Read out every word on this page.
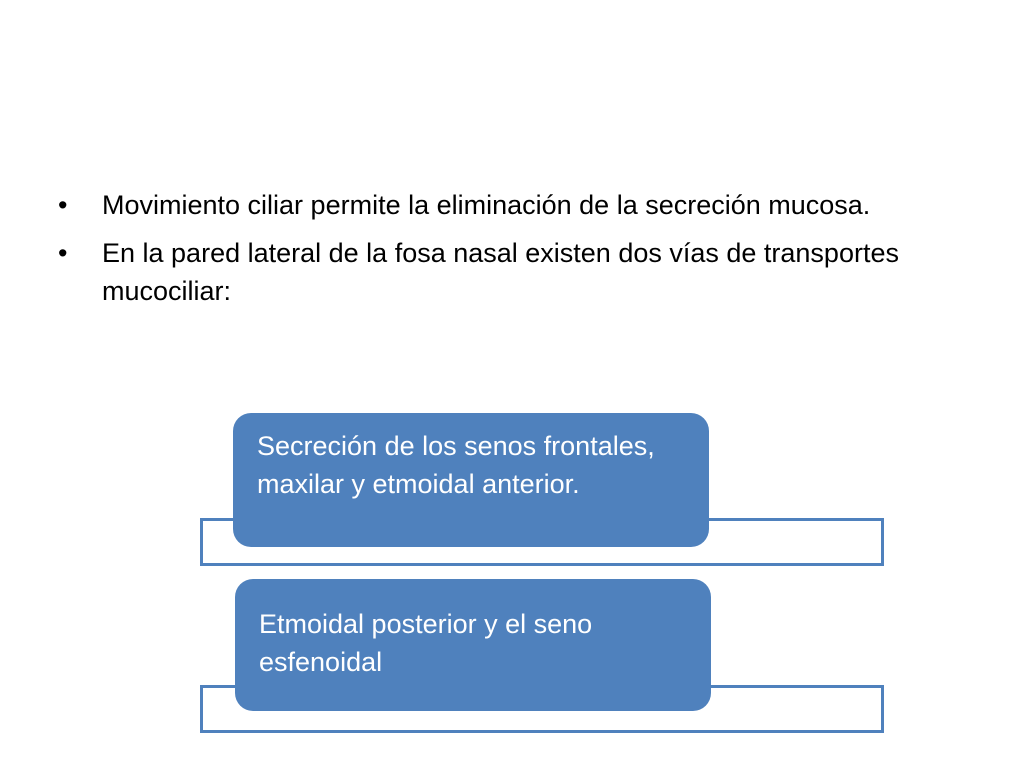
•	Movimiento ciliar permite la eliminación de la secreción mucosa.
•	En la pared lateral de la fosa nasal existen dos vías de transportes mucociliar:
Secreción de los senos frontales, maxilar y etmoidal anterior.
Etmoidal posterior y el seno esfenoidal
